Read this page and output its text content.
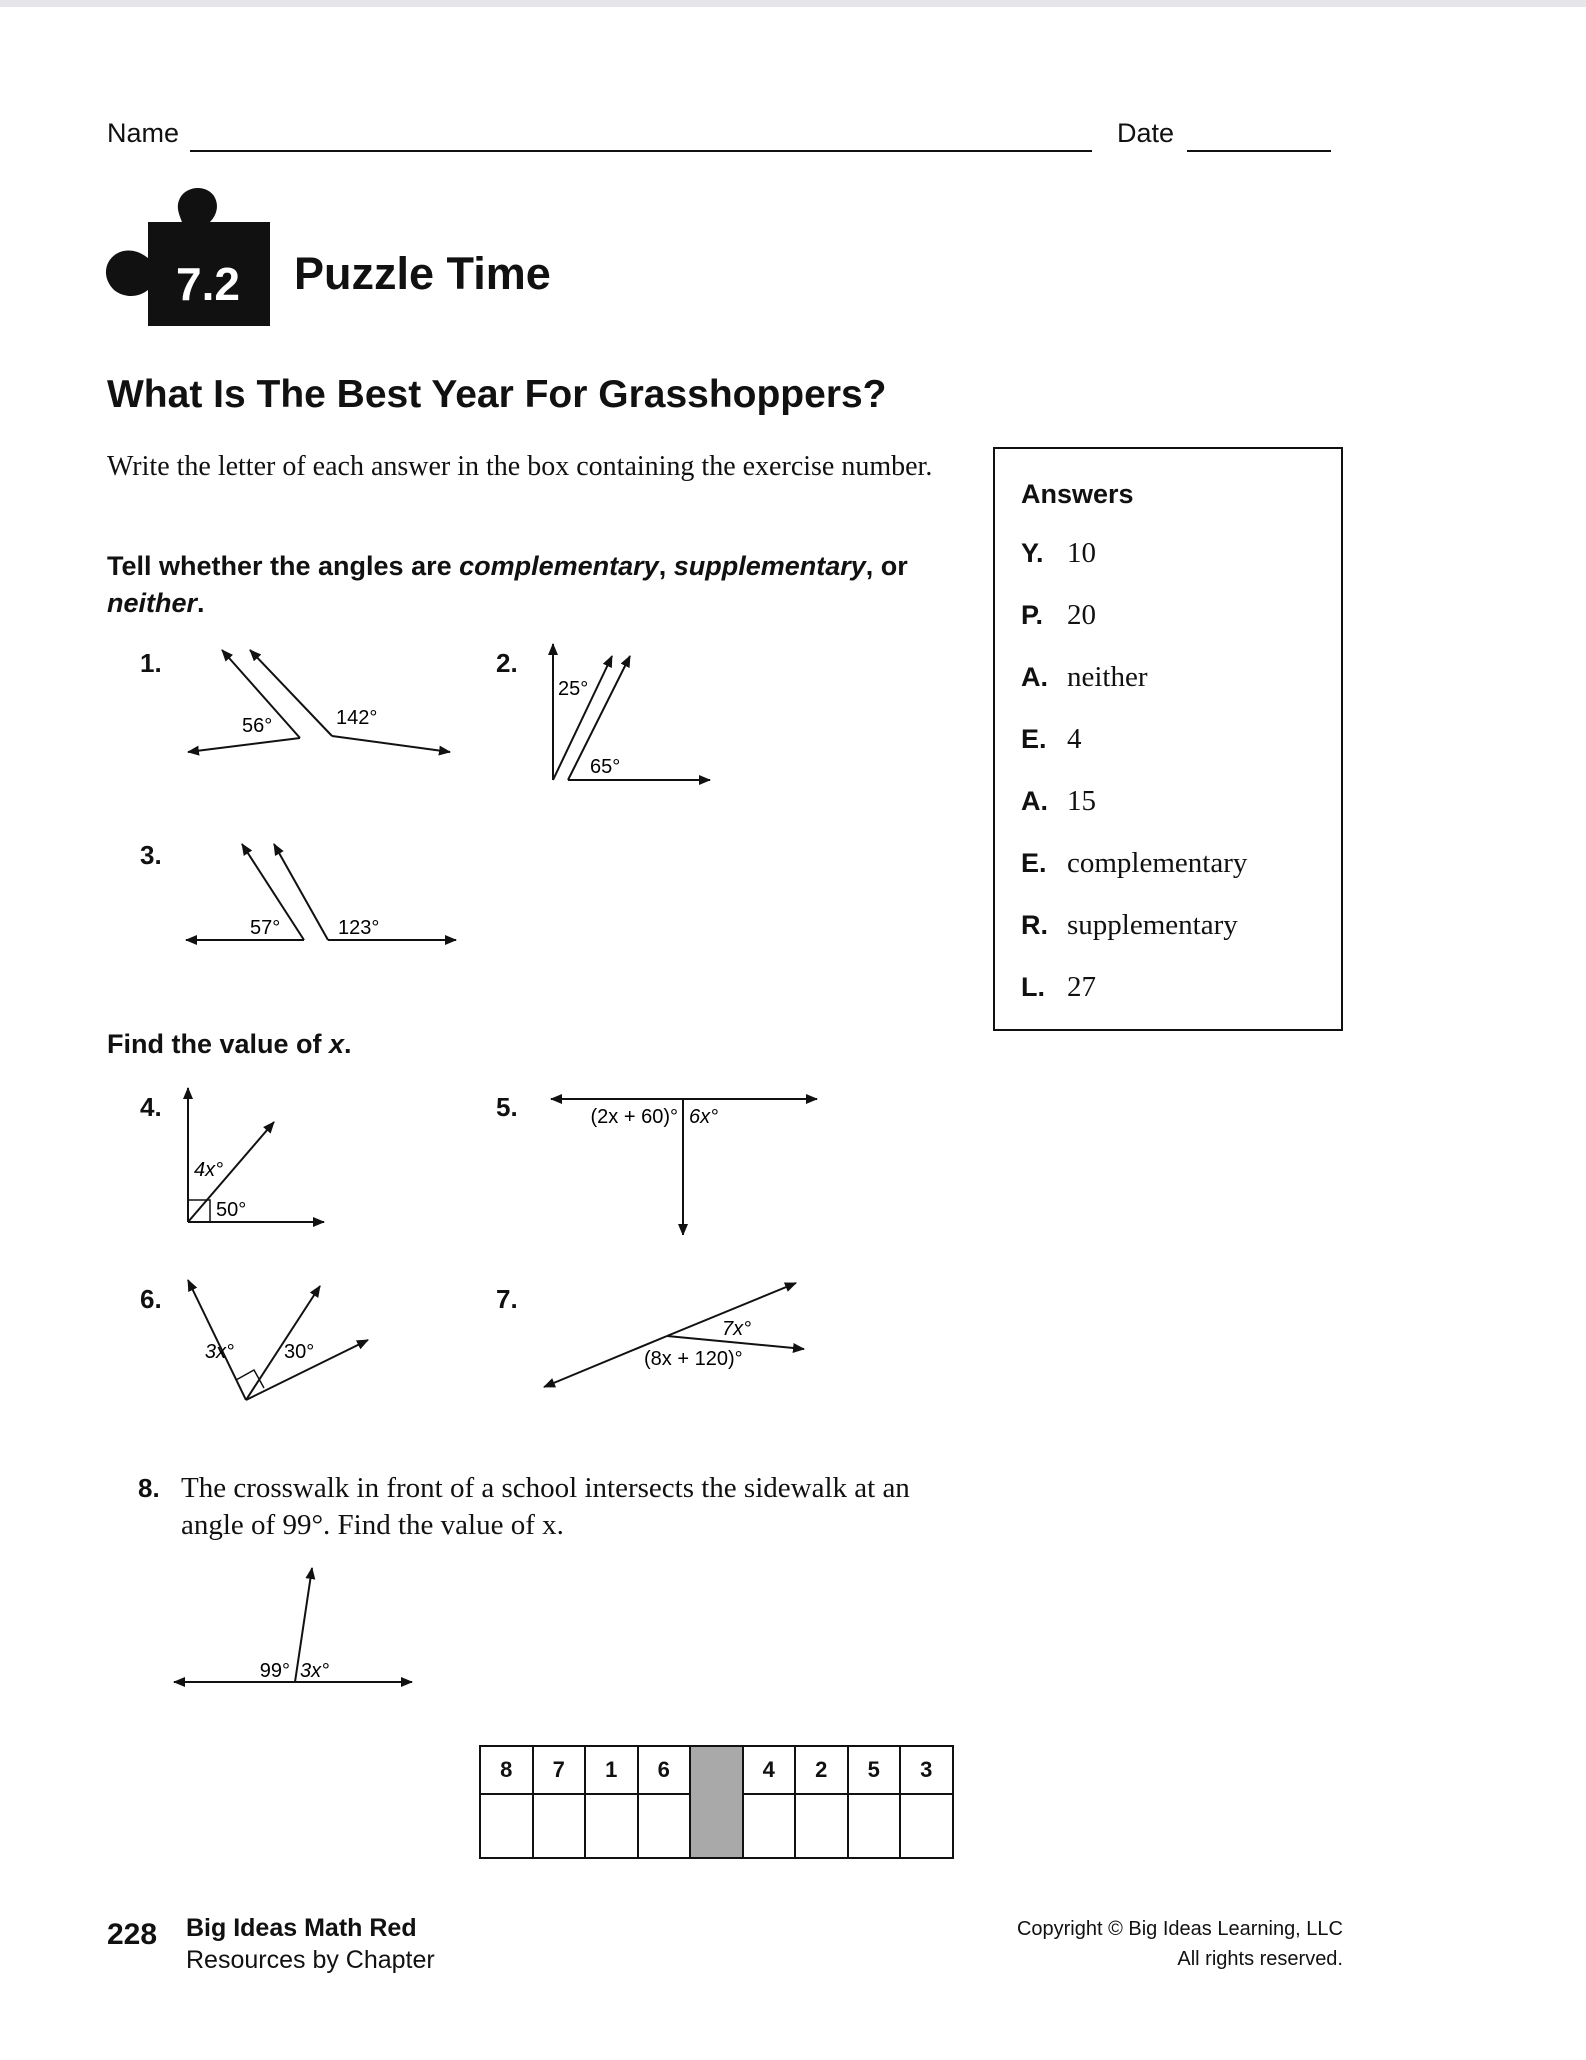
Name	Date
7.2	Puzzle Time
What Is The Best Year For Grasshoppers?
Write the letter of each answer in the box containing the exercise number.
Tell whether the angles are complementary, supplementary, or neither.
1.
56°	142°
2.
25°
65°
3.
57°	123°
Find the value of x.
4.
4x°
50°
5.	(2x + 60)° 6x°
6.
3x°	30°
7.
7x°
(8x + 120)°
8. The crosswalk in front of a school intersects the sidewalk at an angle of 99°. Find the value of x.
99° 3x°
Answers
Y. 10
P. 20
A. neither
E. 4
A. 15
E. complementary
R. supplementary
L. 27
8	7	1	6		4	2	5	3

228 Big Ideas Math Red
Resources by Chapter
Copyright © Big Ideas Learning, LLC
All rights reserved.
